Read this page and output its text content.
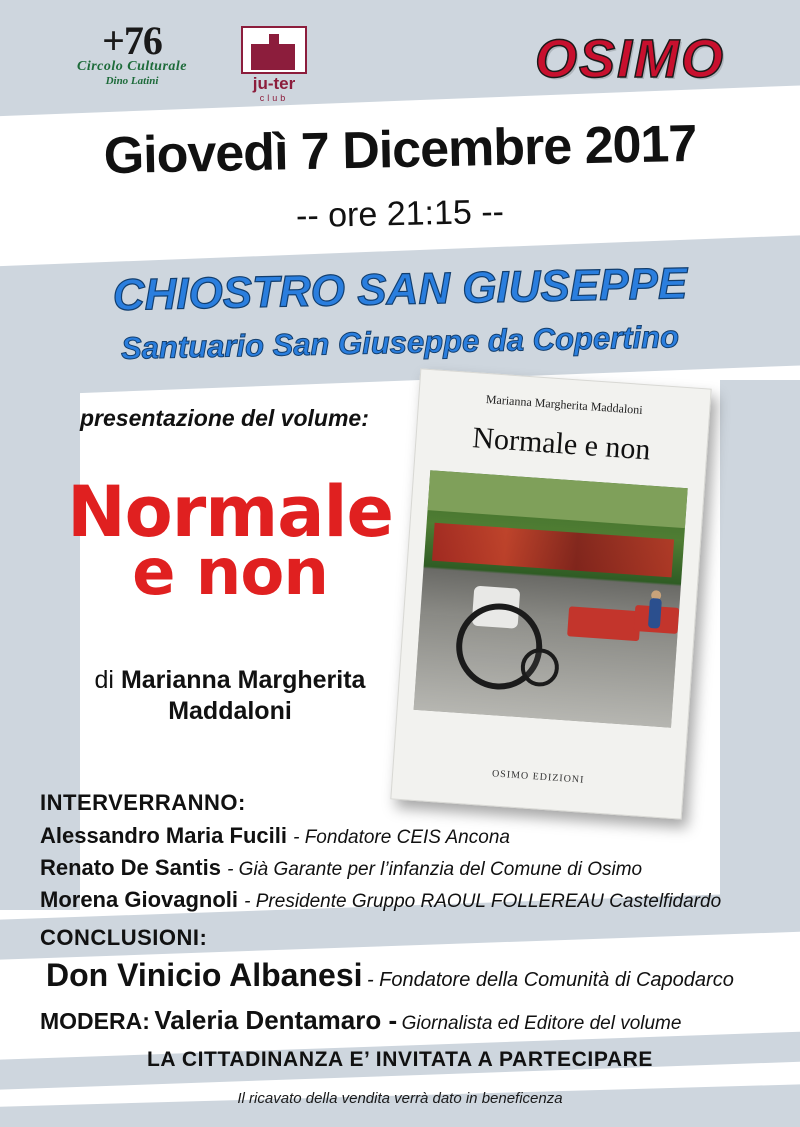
+76
Circolo Culturale
Dino Latini	ju-ter
club
OSIMO
Giovedì 7 Dicembre 2017
-- ore 21:15 --
CHIOSTRO SAN GIUSEPPE
Santuario San Giuseppe da Copertino
presentazione del volume:
Normale
e non
di Marianna Margherita
Maddaloni
Marianna Margherita Maddaloni
Normale e non
OSIMO EDIZIONI
INTERVERRANNO:
Alessandro Maria Fucili - Fondatore CEIS Ancona
Renato De Santis - Già Garante per l’infanzia del Comune di Osimo
Morena Giovagnoli - Presidente Gruppo RAOUL FOLLEREAU Castelfidardo
CONCLUSIONI:
Don Vinicio Albanesi - Fondatore della Comunità di Capodarco
MODERA: Valeria Dentamaro - Giornalista ed Editore del volume
LA CITTADINANZA E’ INVITATA A PARTECIPARE
Il ricavato della vendita verrà dato in beneficenza
